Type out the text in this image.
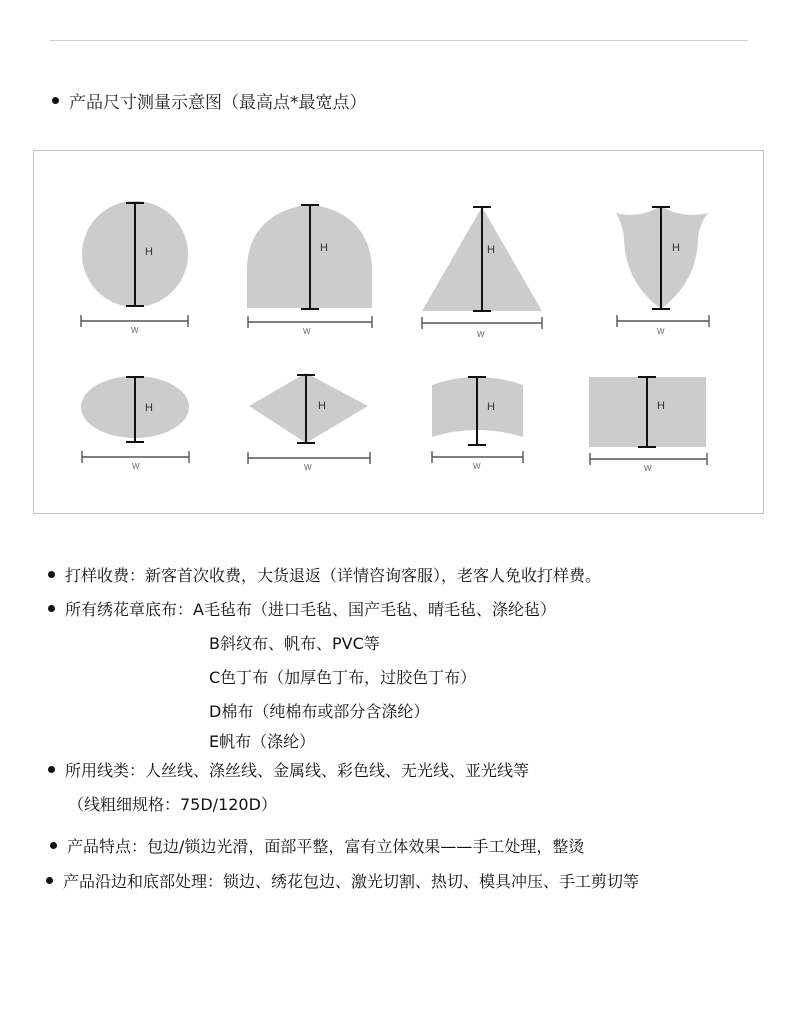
产品尺寸测量示意图（最高点*最宽点）
H
W
H
W
H
W
H
W
H
W
H
W
H
W
H
W
打样收费：新客首次收费，大货退返（详情咨询客服），老客人免收打样费。
所有绣花章底布：A毛毡布（进口毛毡、国产毛毡、晴毛毡、涤纶毡）
B斜纹布、帆布、PVC等
C色丁布（加厚色丁布，过胶色丁布）
D棉布（纯棉布或部分含涤纶）
E帆布（涤纶）
所用线类：人丝线、涤丝线、金属线、彩色线、无光线、亚光线等
（线粗细规格：75D/120D）
产品特点：包边/锁边光滑，面部平整，富有立体效果——手工处理，整烫
产品沿边和底部处理：锁边、绣花包边、激光切割、热切、模具冲压、手工剪切等
